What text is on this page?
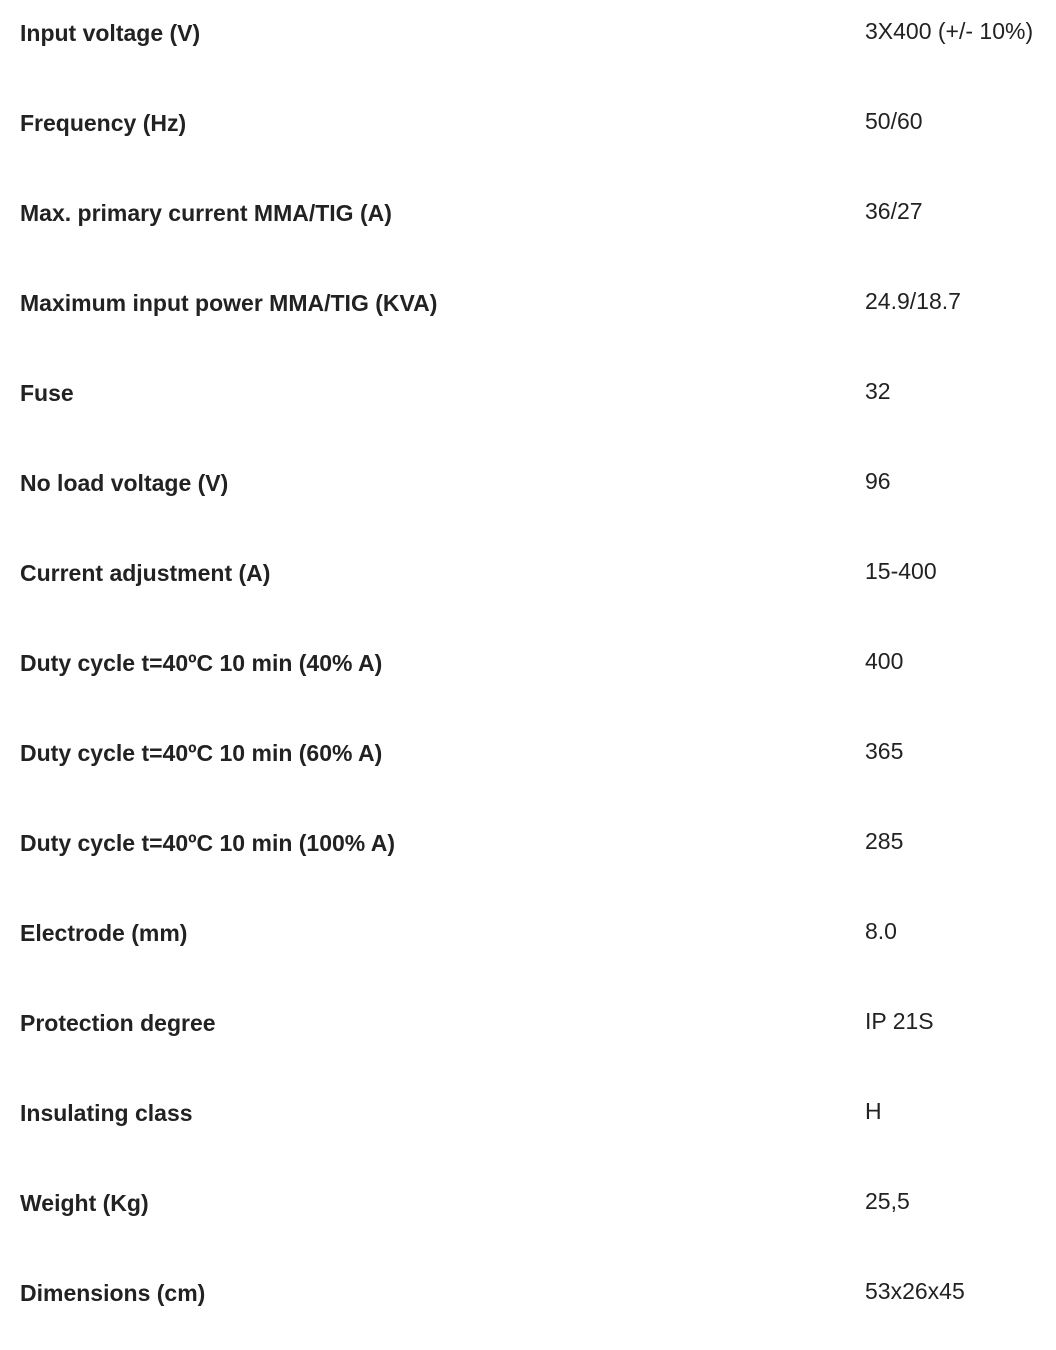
Input voltage (V)	3X400 (+/- 10%)
Frequency (Hz)	50/60
Max. primary current MMA/TIG (A)	36/27
Maximum input power MMA/TIG (KVA)	24.9/18.7
Fuse	32
No load voltage (V)	96
Current adjustment (A)	15-400
Duty cycle t=40ºC 10 min (40% A)	400
Duty cycle t=40ºC 10 min (60% A)	365
Duty cycle t=40ºC 10 min (100% A)	285
Electrode (mm)	8.0
Protection degree	IP 21S
Insulating class	H
Weight (Kg)	25,5
Dimensions (cm)	53x26x45
